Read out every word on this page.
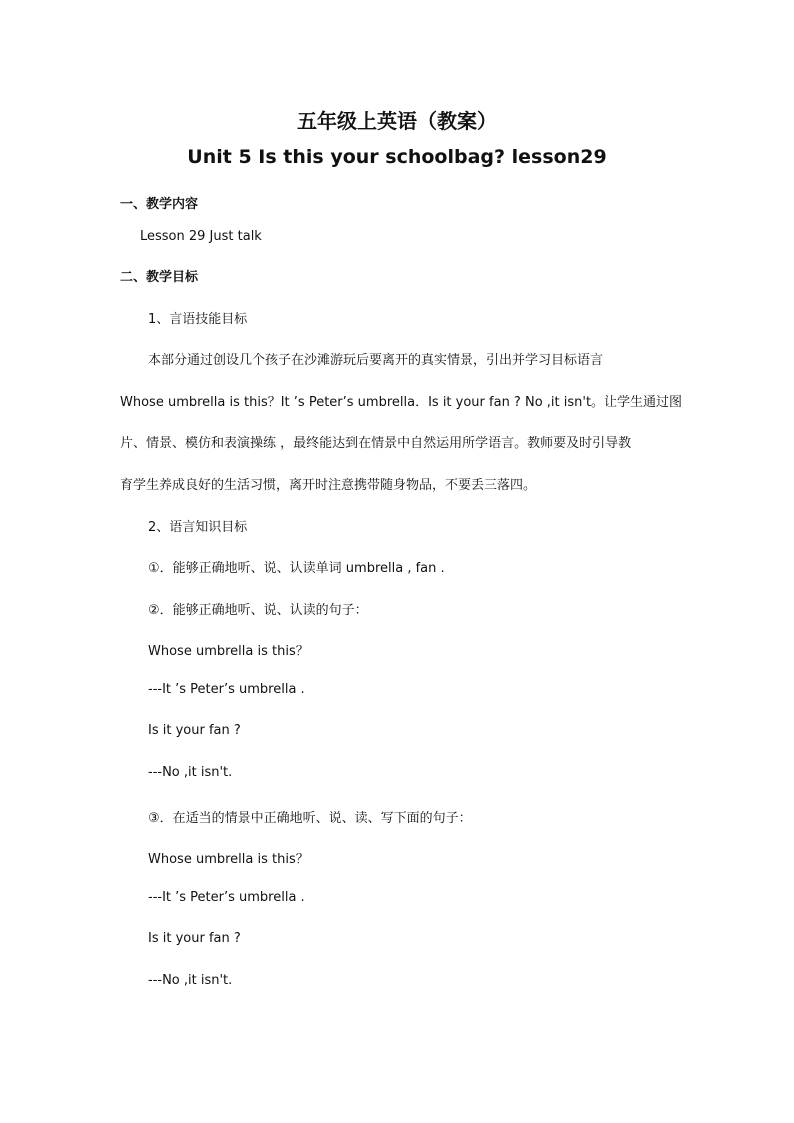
五年级上英语（教案）
Unit 5 Is this your schoolbag? lesson29
一、教学内容
Lesson 29 Just talk
二、教学目标
1、言语技能目标
本部分通过创设几个孩子在沙滩游玩后要离开的真实情景，引出并学习目标语言
Whose umbrella is this？It ’s Peter’s umbrella．Is it your fan ? No ,it isn't。让学生通过图
片、情景、模仿和表演操练 ，最终能达到在情景中自然运用所学语言。教师要及时引导教
育学生养成良好的生活习惯，离开时注意携带随身物品，不要丢三落四。
2、语言知识目标
①．能够正确地听、说、认读单词 umbrella , fan .
②．能够正确地听、说、认读的句子：
Whose umbrella is this？
---It ’s Peter’s umbrella .
Is it your fan ?
---No ,it isn't.
③．在适当的情景中正确地听、说、读、写下面的句子：
Whose umbrella is this？
---It ’s Peter’s umbrella .
Is it your fan ?
---No ,it isn't.
